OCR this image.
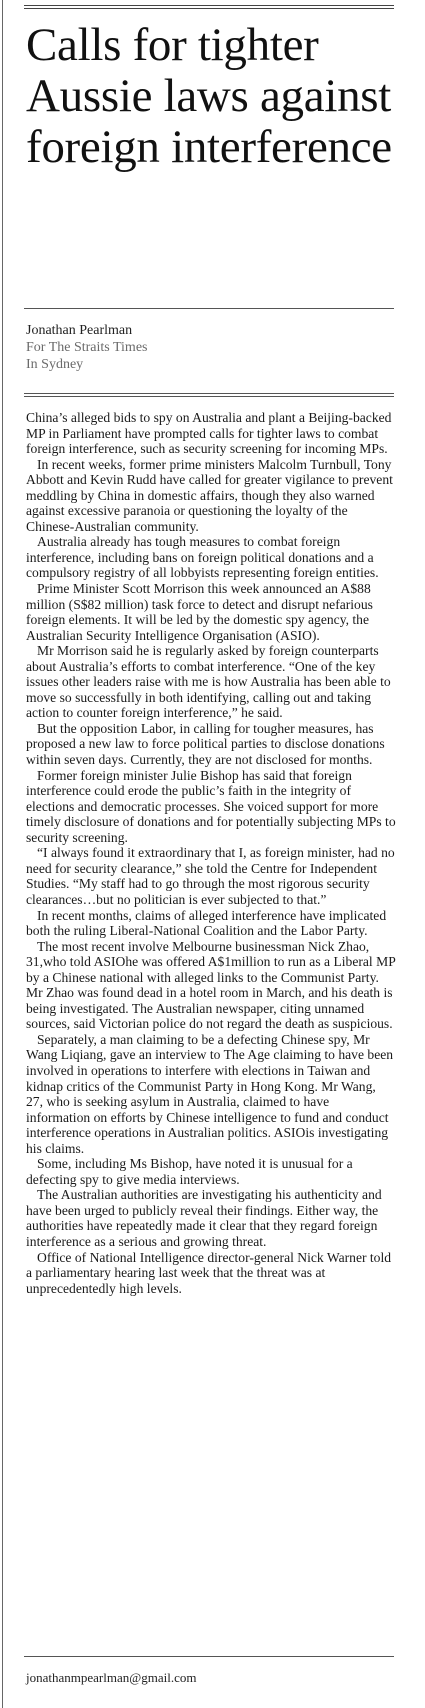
Calls for tighter Aussie laws against foreign interference
Jonathan Pearlman
For The Straits Times
In Sydney

China’s alleged bids to spy on Australia and plant a Beijing-backed MP in Parliament have prompted calls for tighter laws to combat foreign interference, such as security screening for incoming MPs.

In recent weeks, former prime ministers Malcolm Turnbull, Tony Abbott and Kevin Rudd have called for greater vigilance to prevent meddling by China in domestic affairs, though they also warned against excessive paranoia or questioning the loyalty of the Chinese-Australian community.

Australia already has tough measures to combat foreign interference, including bans on foreign political donations and a compulsory registry of all lobbyists representing foreign entities.

Prime Minister Scott Morrison this week announced an A$88 million (S$82 million) task force to detect and disrupt nefarious foreign elements. It will be led by the domestic spy agency, the Australian Security Intelligence Organisation (ASIO).

Mr Morrison said he is regularly asked by foreign counterparts about Australia’s efforts to combat interference. “One of the key issues other leaders raise with me is how Australia has been able to move so successfully in both identifying, calling out and taking action to counter foreign interference,” he said.

But the opposition Labor, in calling for tougher measures, has proposed a new law to force political parties to disclose donations within seven days. Currently, they are not disclosed for months.

Former foreign minister Julie Bishop has said that foreign interference could erode the public’s faith in the integrity of elections and democratic processes. She voiced support for more timely disclosure of donations and for potentially subjecting MPs to security screening.

“I always found it extraordinary that I, as foreign minister, had no need for security clearance,” she told the Centre for Independent Studies. “My staff had to go through the most rigorous security clearances…but no politician is ever subjected to that.”

In recent months, claims of alleged interference have implicated both the ruling Liberal-National Coalition and the Labor Party.

The most recent involve Melbourne businessman Nick Zhao, 31,who told ASIOhe was offered A$1million to run as a Liberal MP by a Chinese national with alleged links to the Communist Party. Mr Zhao was found dead in a hotel room in March, and his death is being investigated. The Australian newspaper, citing unnamed sources, said Victorian police do not regard the death as suspicious.

Separately, a man claiming to be a defecting Chinese spy, Mr Wang Liqiang, gave an interview to The Age claiming to have been involved in operations to interfere with elections in Taiwan and kidnap critics of the Communist Party in Hong Kong. Mr Wang, 27, who is seeking asylum in Australia, claimed to have information on efforts by Chinese intelligence to fund and conduct interference operations in Australian politics. ASIOis investigating his claims.

Some, including Ms Bishop, have noted it is unusual for a defecting spy to give media interviews.

The Australian authorities are investigating his authenticity and have been urged to publicly reveal their findings. Either way, the authorities have repeatedly made it clear that they regard foreign interference as a serious and growing threat.

Office of National Intelligence director-general Nick Warner told a parliamentary hearing last week that the threat was at unprecedentedly high levels.

jonathanmpearlman@gmail.com
